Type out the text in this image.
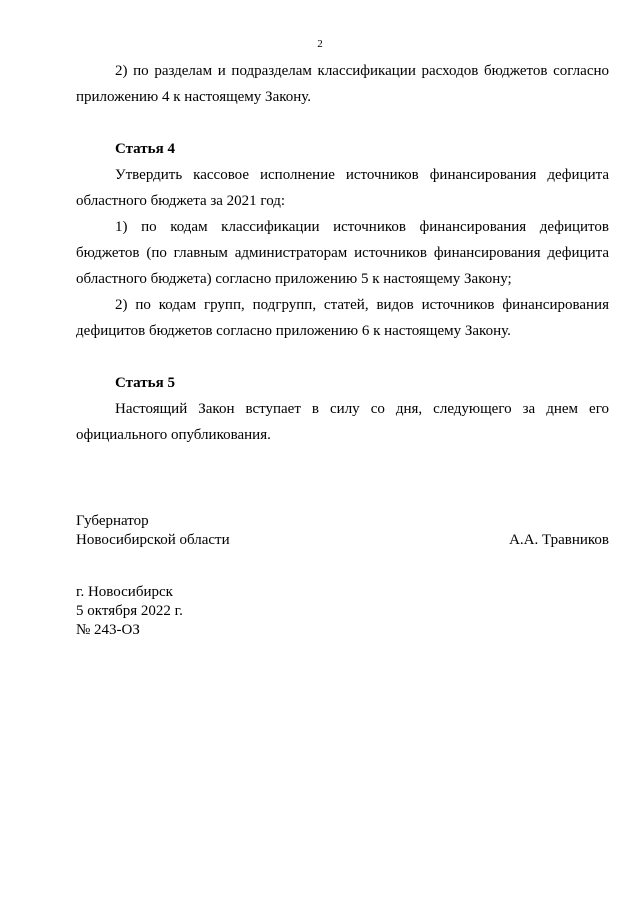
2

2) по разделам и подразделам классификации расходов бюджетов согласно приложению 4 к настоящему Закону.

Статья 4

Утвердить кассовое исполнение источников финансирования дефицита областного бюджета за 2021 год:

1) по кодам классификации источников финансирования дефицитов бюджетов (по главным администраторам источников финансирования дефицита областного бюджета) согласно приложению 5 к настоящему Закону;

2) по кодам групп, подгрупп, статей, видов источников финансирования дефицитов бюджетов согласно приложению 6 к настоящему Закону.

Статья 5

Настоящий Закон вступает в силу со дня, следующего за днем его официального опубликования.

Губернатор
Новосибирской области	А.А. Травников
г. Новосибирск
5 октября 2022 г.
№ 243-ОЗ
